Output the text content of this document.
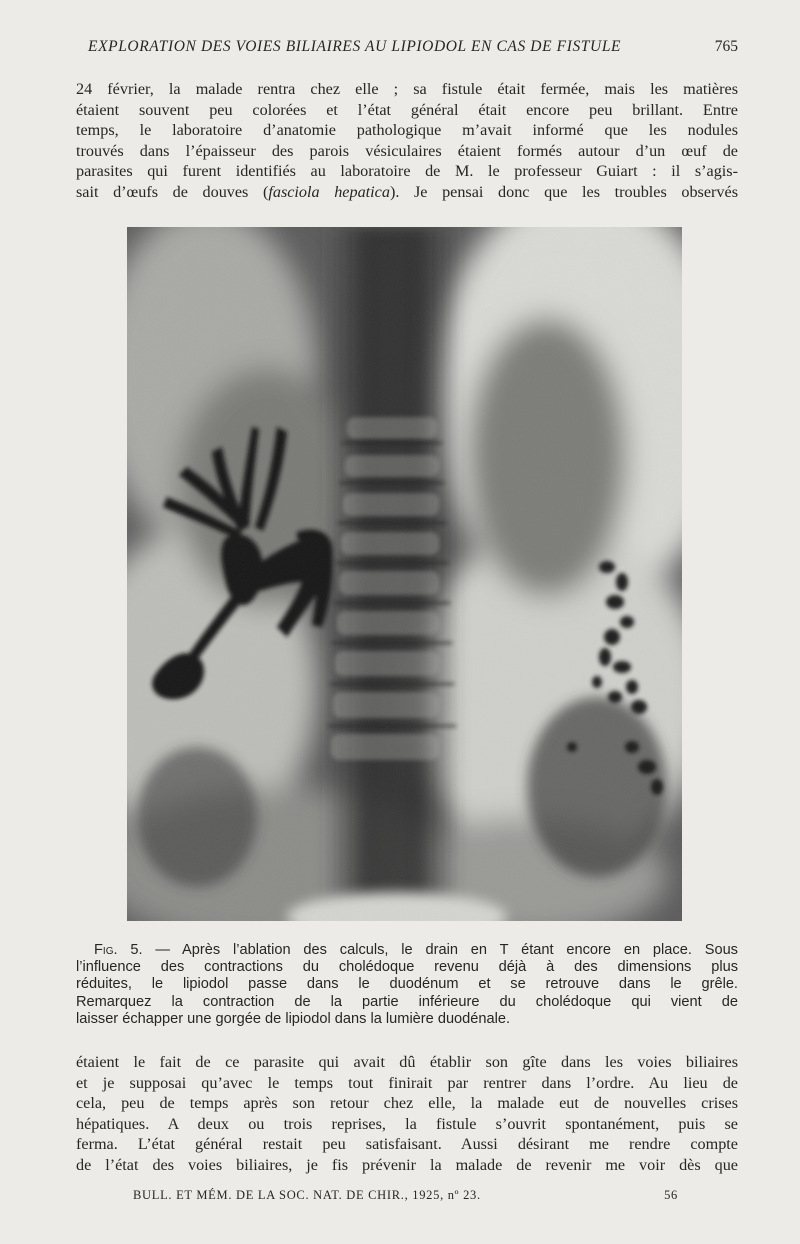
EXPLORATION DES VOIES BILIAIRES AU LIPIODOL EN CAS DE FISTULE	765
24 février, la malade rentra chez elle ; sa fistule était fermée, mais les matières
étaient souvent peu colorées et l’état général était encore peu brillant. Entre
temps, le laboratoire d’anatomie pathologique m’avait informé que les nodules
trouvés dans l’épaisseur des parois vésiculaires étaient formés autour d’un œuf de
parasites qui furent identifiés au laboratoire de M. le professeur Guiart : il s’agis-
sait d’œufs de douves (fasciola hepatica). Je pensai donc que les troubles observés
Fig. 5. — Après l’ablation des calculs, le drain en T étant encore en place. Sous
l’influence des contractions du cholédoque revenu déjà à des dimensions plus
réduites, le lipiodol passe dans le duodénum et se retrouve dans le grêle.
Remarquez la contraction de la partie inférieure du cholédoque qui vient de
laisser échapper une gorgée de lipiodol dans la lumière duodénale.
étaient le fait de ce parasite qui avait dû établir son gîte dans les voies biliaires
et je supposai qu’avec le temps tout finirait par rentrer dans l’ordre. Au lieu de
cela, peu de temps après son retour chez elle, la malade eut de nouvelles crises
hépatiques. A deux ou trois reprises, la fistule s’ouvrit spontanément, puis se
ferma. L’état général restait peu satisfaisant. Aussi désirant me rendre compte
de l’état des voies biliaires, je fis prévenir la malade de revenir me voir dès que
BULL. ET MÉM. DE LA SOC. NAT. DE CHIR., 1925, nº 23.	56
